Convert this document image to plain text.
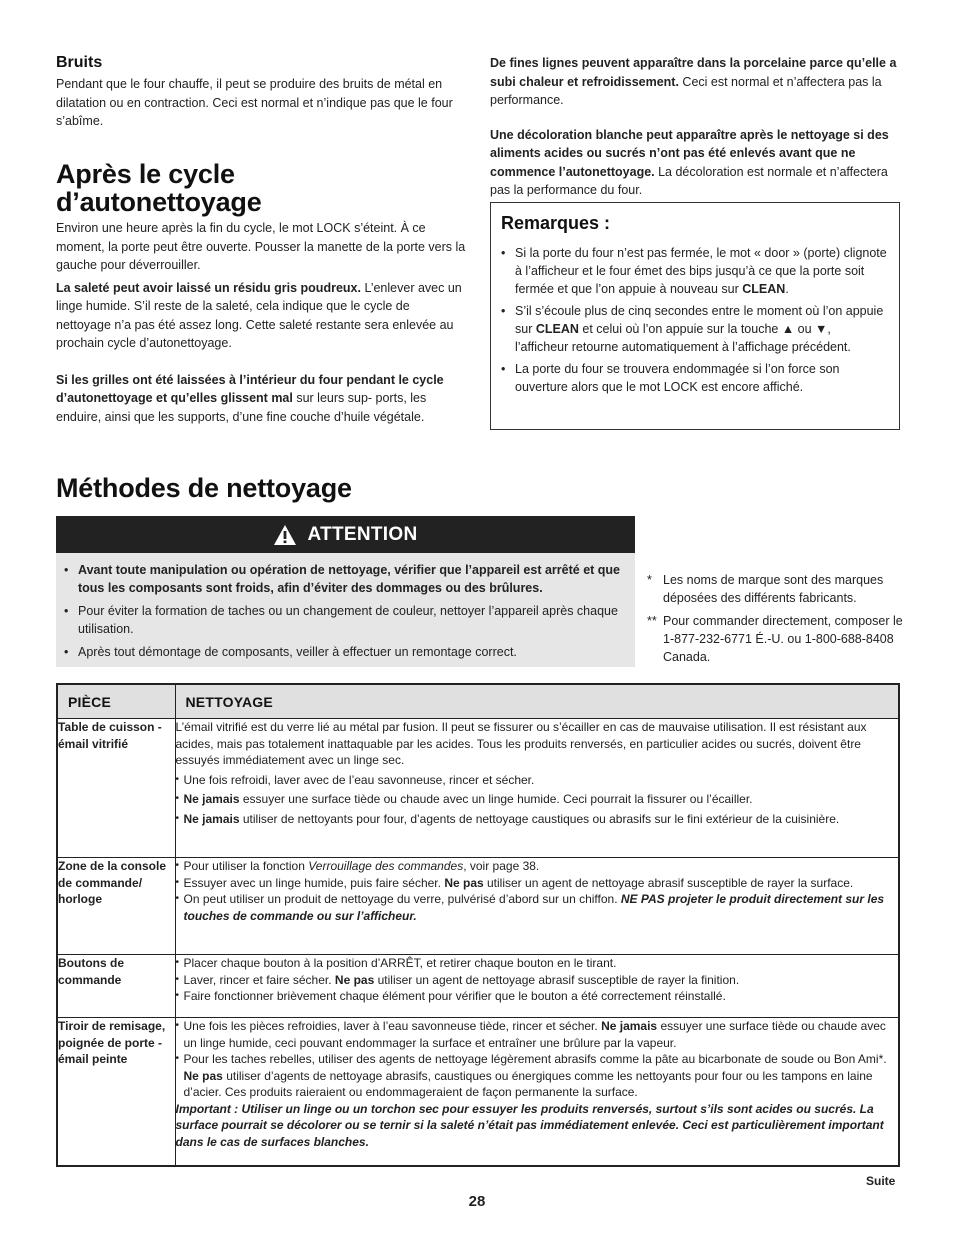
Bruits

Pendant que le four chauffe, il peut se produire des bruits de métal en dilatation ou en contraction. Ceci est normal et n’indique pas que le four s’abîme.

Après le cycle
d’autonettoyage

Environ une heure après la fin du cycle, le mot LOCK s’éteint. À ce moment, la porte peut être ouverte. Pousser la manette de la porte vers la gauche pour déverrouiller.

La saleté peut avoir laissé un résidu gris poudreux. L’enlever avec un linge humide. S’il reste de la saleté, cela indique que le cycle de nettoyage n’a pas été assez long. Cette saleté restante sera enlevée au prochain cycle d’autonettoyage.

Si les grilles ont été laissées à l’intérieur du four pendant le cycle d’autonettoyage et qu’elles glissent mal sur leurs sup- ports, les enduire, ainsi que les supports, d’une fine couche d’huile végétale.

De fines lignes peuvent apparaître dans la porcelaine parce qu’elle a subi chaleur et refroidissement. Ceci est normal et n’affectera pas la performance.

Une décoloration blanche peut apparaître après le nettoyage si des aliments acides ou sucrés n’ont pas été enlevés avant que ne commence l’autonettoyage. La décoloration est normale et n’affectera pas la performance du four.

Remarques :
• Si la porte du four n’est pas fermée, le mot « door » (porte) clignote à l’afficheur et le four émet des bips jusqu’à ce que la porte soit fermée et que l’on appuie à nouveau sur CLEAN.
• S’il s’écoule plus de cinq secondes entre le moment où l’on appuie sur CLEAN et celui où l’on appuie sur la touche ▲ ou ▼, l’afficheur retourne automatiquement à l’affichage précédent.
• La porte du four se trouvera endommagée si l’on force son ouverture alors que le mot LOCK est encore affiché.
Méthodes de nettoyage
ATTENTION
• Avant toute manipulation ou opération de nettoyage, vérifier que l’appareil est arrêté et que tous les composants sont froids, afin d’éviter des dommages ou des brûlures.
• Pour éviter la formation de taches ou un changement de couleur, nettoyer l’appareil après chaque utilisation.
• Après tout démontage de composants, veiller à effectuer un remontage correct.
* Les noms de marque sont des marques déposées des différents fabricants.
** Pour commander directement, composer le 1-877-232-6771 É.-U. ou 1-800-688-8408 Canada.
PIÈCE	NETTOYAGE
Table de cuisson - émail vitrifié	L’émail vitrifié est du verre lié au métal par fusion. Il peut se fissurer ou s’écailler en cas de mauvaise utilisation. Il est résistant aux acides, mais pas totalement inattaquable par les acides. Tous les produits renversés, en particulier acides ou sucrés, doivent être essuyés immédiatement avec un linge sec.

• Une fois refroidi, laver avec de l’eau savonneuse, rincer et sécher.

• Ne jamais essuyer une surface tiède ou chaude avec un linge humide. Ceci pourrait la fissurer ou l’écailler.

• Ne jamais utiliser de nettoyants pour four, d’agents de nettoyage caustiques ou abrasifs sur le fini extérieur de la cuisinière.

Zone de la console de commande/ horloge	• Pour utiliser la fonction Verrouillage des commandes, voir page 38.
• Essuyer avec un linge humide, puis faire sécher. Ne pas utiliser un agent de nettoyage abrasif susceptible de rayer la surface.
• On peut utiliser un produit de nettoyage du verre, pulvérisé d’abord sur un chiffon. NE PAS projeter le produit directement sur les touches de commande ou sur l’afficheur.

Boutons de commande	• Placer chaque bouton à la position d’ARRÊT, et retirer chaque bouton en le tirant.
• Laver, rincer et faire sécher. Ne pas utiliser un agent de nettoyage abrasif susceptible de rayer la finition.
• Faire fonctionner brièvement chaque élément pour vérifier que le bouton a été correctement réinstallé.

Tiroir de remisage, poignée de porte - émail peinte	• Une fois les pièces refroidies, laver à l’eau savonneuse tiède, rincer et sécher. Ne jamais essuyer une surface tiède ou chaude avec un linge humide, ceci pouvant endommager la surface et entraîner une brûlure par la vapeur.
• Pour les taches rebelles, utiliser des agents de nettoyage légèrement abrasifs comme la pâte au bicarbonate de soude ou Bon Ami*. Ne pas utiliser d’agents de nettoyage abrasifs, caustiques ou énergiques comme les nettoyants pour four ou les tampons en laine d’acier. Ces produits raieraient ou endommageraient de façon permanente la surface.
Important : Utiliser un linge ou un torchon sec pour essuyer les produits renversés, surtout s’ils sont acides ou sucrés. La surface pourrait se décolorer ou se ternir si la saleté n’était pas immédiatement enlevée. Ceci est particulièrement important dans le cas de surfaces blanches.
Suite
28
